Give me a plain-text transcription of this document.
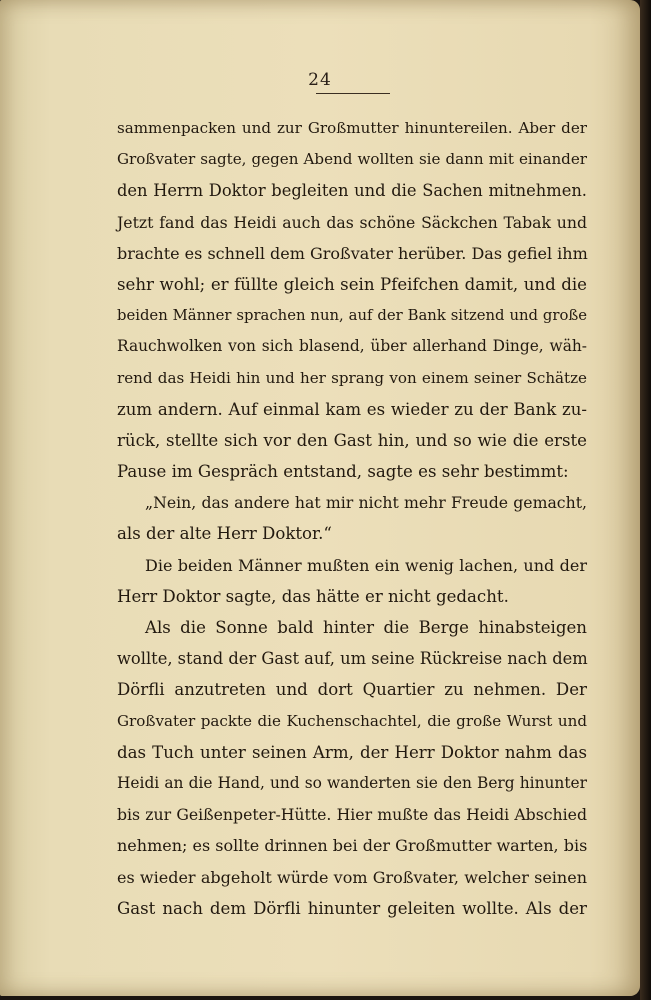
24
sammenpacken und zur Großmutter hinuntereilen. Aber der
Großvater sagte, gegen Abend wollten sie dann mit einander
den Herrn Doktor begleiten und die Sachen mitnehmen.
Jetzt fand das Heidi auch das schöne Säckchen Tabak und
brachte es schnell dem Großvater herüber. Das gefiel ihm
sehr wohl; er füllte gleich sein Pfeifchen damit, und die
beiden Männer sprachen nun, auf der Bank sitzend und große
Rauchwolken von sich blasend, über allerhand Dinge, wäh-
rend das Heidi hin und her sprang von einem seiner Schätze
zum andern. Auf einmal kam es wieder zu der Bank zu-
rück, stellte sich vor den Gast hin, und so wie die erste
Pause im Gespräch entstand, sagte es sehr bestimmt:
„Nein, das andere hat mir nicht mehr Freude gemacht,
als der alte Herr Doktor.“
Die beiden Männer mußten ein wenig lachen, und der
Herr Doktor sagte, das hätte er nicht gedacht.
Als die Sonne bald hinter die Berge hinabsteigen
wollte, stand der Gast auf, um seine Rückreise nach dem
Dörfli anzutreten und dort Quartier zu nehmen. Der
Großvater packte die Kuchenschachtel, die große Wurst und
das Tuch unter seinen Arm, der Herr Doktor nahm das
Heidi an die Hand, und so wanderten sie den Berg hinunter
bis zur Geißenpeter-Hütte. Hier mußte das Heidi Abschied
nehmen; es sollte drinnen bei der Großmutter warten, bis
es wieder abgeholt würde vom Großvater, welcher seinen
Gast nach dem Dörfli hinunter geleiten wollte. Als der
